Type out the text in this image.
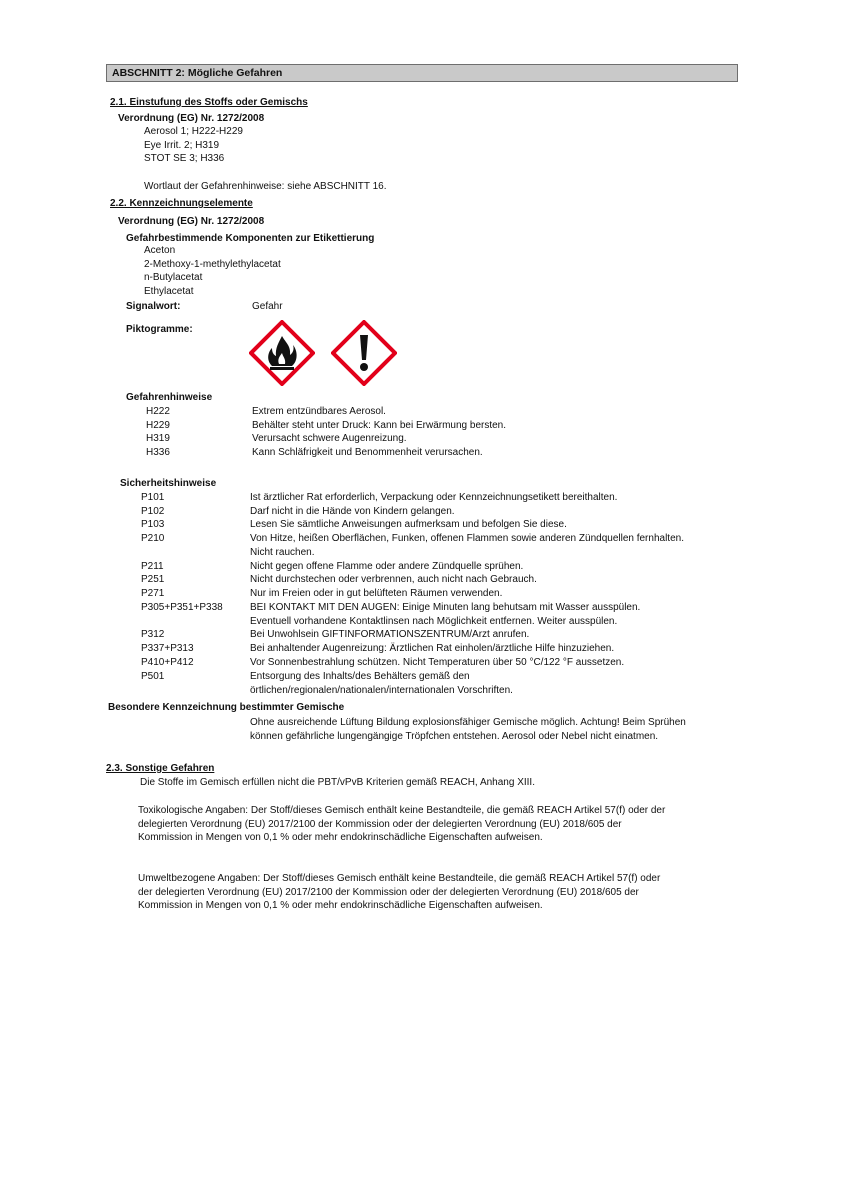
ABSCHNITT 2: Mögliche Gefahren
2.1. Einstufung des Stoffs oder Gemischs
Verordnung (EG) Nr. 1272/2008
Aerosol 1; H222-H229
Eye Irrit. 2; H319
STOT SE 3; H336
Wortlaut der Gefahrenhinweise: siehe ABSCHNITT 16.
2.2. Kennzeichnungselemente
Verordnung (EG) Nr. 1272/2008
Gefahrbestimmende Komponenten zur Etikettierung
Aceton
2-Methoxy-1-methylethylacetat
n-Butylacetat
Ethylacetat
Signalwort:	Gefahr
Piktogramme:
Gefahrenhinweise
H222	Extrem entzündbares Aerosol.
H229	Behälter steht unter Druck: Kann bei Erwärmung bersten.
H319	Verursacht schwere Augenreizung.
H336	Kann Schläfrigkeit und Benommenheit verursachen.
Sicherheitshinweise
P101	Ist ärztlicher Rat erforderlich, Verpackung oder Kennzeichnungsetikett bereithalten.
P102	Darf nicht in die Hände von Kindern gelangen.
P103	Lesen Sie sämtliche Anweisungen aufmerksam und befolgen Sie diese.
P210	Von Hitze, heißen Oberflächen, Funken, offenen Flammen sowie anderen Zündquellen fernhalten. Nicht rauchen.
P211	Nicht gegen offene Flamme oder andere Zündquelle sprühen.
P251	Nicht durchstechen oder verbrennen, auch nicht nach Gebrauch.
P271	Nur im Freien oder in gut belüfteten Räumen verwenden.
P305+P351+P338	BEI KONTAKT MIT DEN AUGEN: Einige Minuten lang behutsam mit Wasser ausspülen. Eventuell vorhandene Kontaktlinsen nach Möglichkeit entfernen. Weiter ausspülen.
P312	Bei Unwohlsein GIFTINFORMATIONSZENTRUM/Arzt anrufen.
P337+P313	Bei anhaltender Augenreizung: Ärztlichen Rat einholen/ärztliche Hilfe hinzuziehen.
P410+P412	Vor Sonnenbestrahlung schützen. Nicht Temperaturen über 50 °C/122 °F aussetzen.
P501	Entsorgung des Inhalts/des Behälters gemäß den örtlichen/regionalen/nationalen/internationalen Vorschriften.
Besondere Kennzeichnung bestimmter Gemische
Ohne ausreichende Lüftung Bildung explosionsfähiger Gemische möglich. Achtung! Beim Sprühen können gefährliche lungengängige Tröpfchen entstehen. Aerosol oder Nebel nicht einatmen.
2.3. Sonstige Gefahren
Die Stoffe im Gemisch erfüllen nicht die PBT/vPvB Kriterien gemäß REACH, Anhang XIII.
Toxikologische Angaben: Der Stoff/dieses Gemisch enthält keine Bestandteile, die gemäß REACH Artikel 57(f) oder der delegierten Verordnung (EU) 2017/2100 der Kommission oder der delegierten Verordnung (EU) 2018/605 der Kommission in Mengen von 0,1 % oder mehr endokrinschädliche Eigenschaften aufweisen.
Umweltbezogene Angaben: Der Stoff/dieses Gemisch enthält keine Bestandteile, die gemäß REACH Artikel 57(f) oder der delegierten Verordnung (EU) 2017/2100 der Kommission oder der delegierten Verordnung (EU) 2018/605 der Kommission in Mengen von 0,1 % oder mehr endokrinschädliche Eigenschaften aufweisen.
